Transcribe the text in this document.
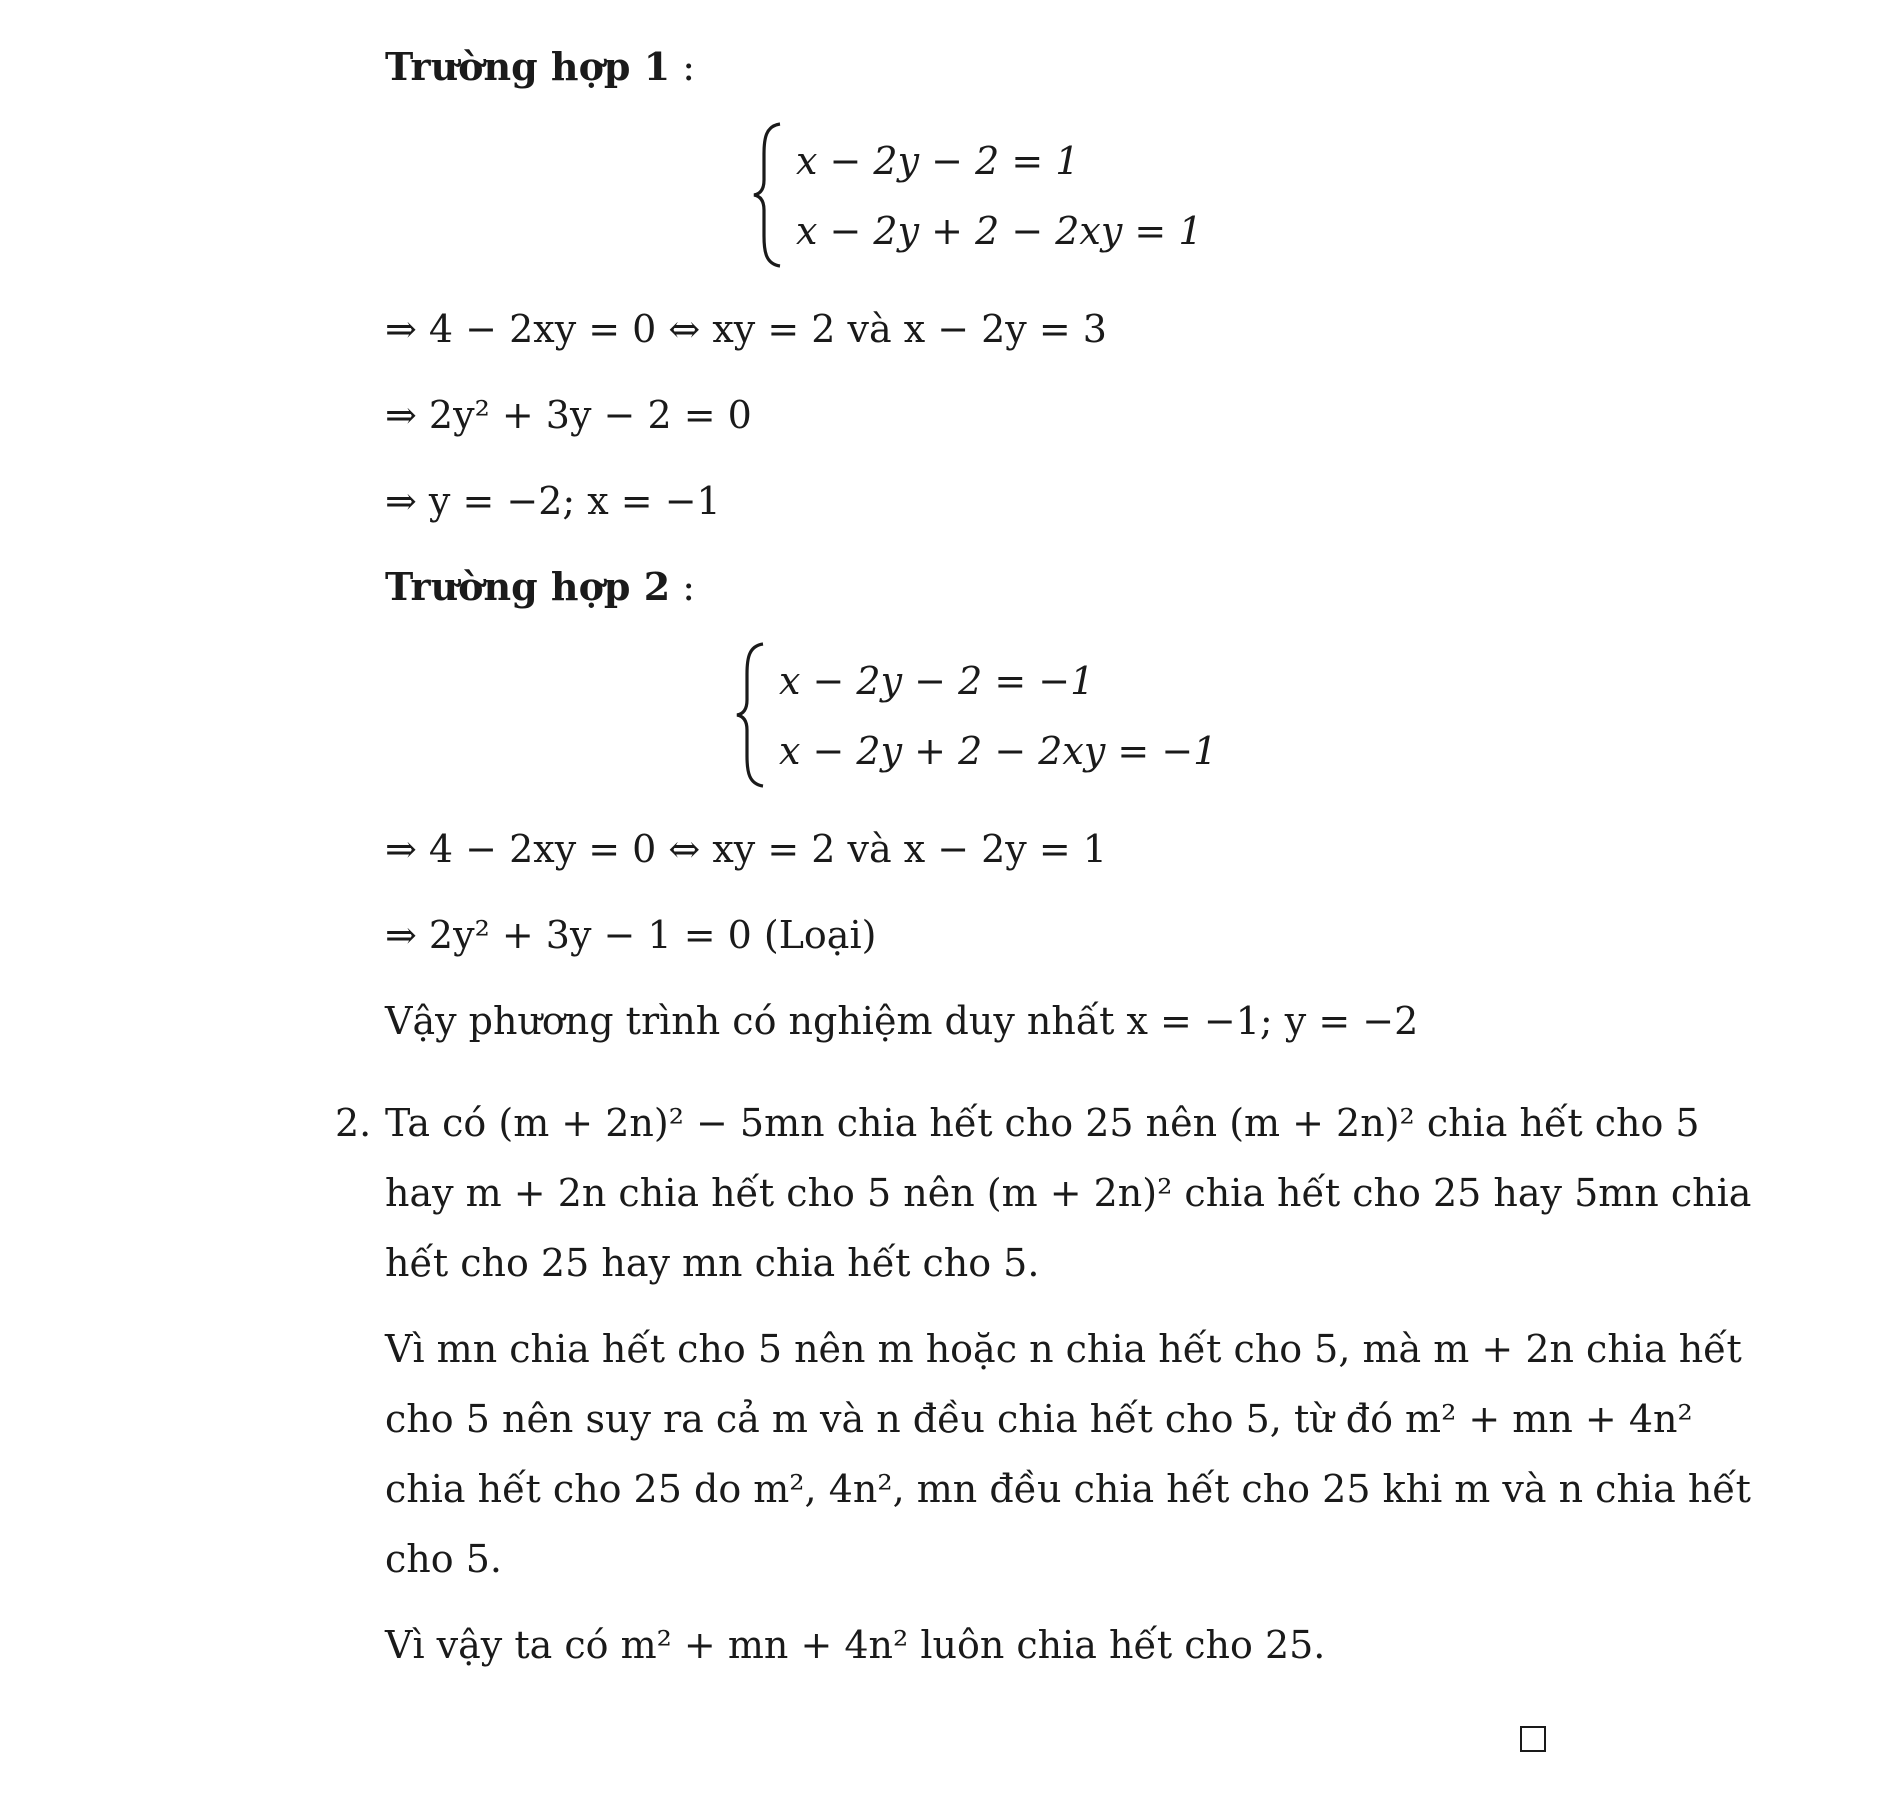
Trường hợp 1 :
x − 2y − 2 = 1
x − 2y + 2 − 2xy = 1
⇒ 4 − 2xy = 0 ⇔ xy = 2 và x − 2y = 3
⇒ 2y² + 3y − 2 = 0
⇒ y = −2; x = −1
Trường hợp 2 :
x − 2y − 2 = −1
x − 2y + 2 − 2xy = −1
⇒ 4 − 2xy = 0 ⇔ xy = 2 và x − 2y = 1
⇒ 2y² + 3y − 1 = 0 (Loại)
Vậy phương trình có nghiệm duy nhất x = −1; y = −2
2. Ta có (m + 2n)² − 5mn chia hết cho 25 nên (m + 2n)² chia hết cho 5
hay m + 2n chia hết cho 5 nên (m + 2n)² chia hết cho 25 hay 5mn chia
hết cho 25 hay mn chia hết cho 5.
Vì mn chia hết cho 5 nên m hoặc n chia hết cho 5, mà m + 2n chia hết
cho 5 nên suy ra cả m và n đều chia hết cho 5, từ đó m² + mn + 4n²
chia hết cho 25 do m², 4n², mn đều chia hết cho 25 khi m và n chia hết
cho 5.
Vì vậy ta có m² + mn + 4n² luôn chia hết cho 25.
